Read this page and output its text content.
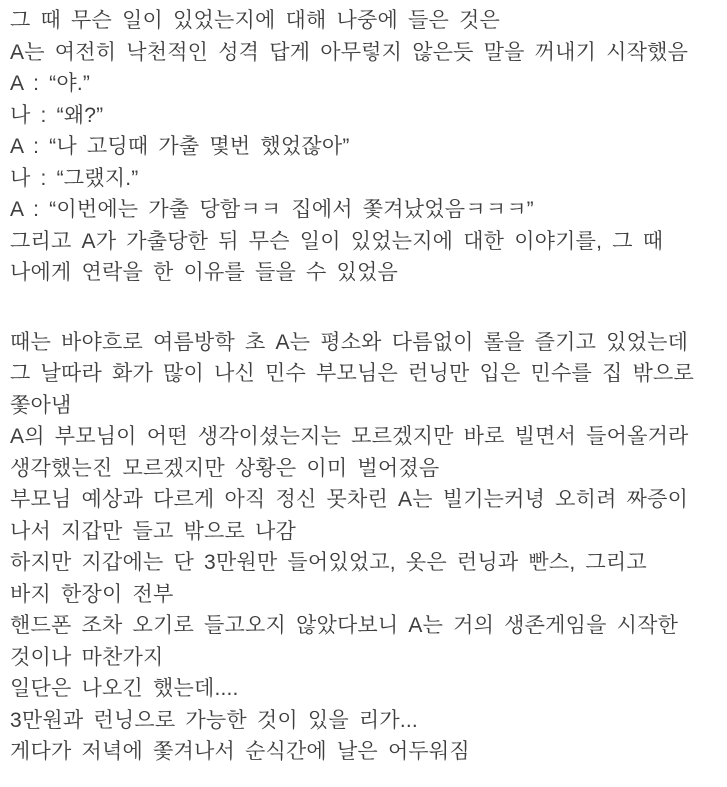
그 때 무슨 일이 있었는지에 대해 나중에 들은 것은
A는 여전히 낙천적인 성격 답게 아무렇지 않은듯 말을 꺼내기 시작했음
A : “야.”
나 : “왜?”
A : “나 고딩때 가출 몇번 했었잖아”
나 : “그랬지.”
A : “이번에는 가출 당함ㅋㅋ 집에서 쫓겨났었음ㅋㅋㅋ”
그리고 A가 가출당한 뒤 무슨 일이 있었는지에 대한 이야기를, 그 때
나에게 연락을 한 이유를 들을 수 있었음
때는 바야흐로 여름방학 초 A는 평소와 다름없이 롤을 즐기고 있었는데
그 날따라 화가 많이 나신 민수 부모님은 런닝만 입은 민수를 집 밖으로
쫓아냄
A의 부모님이 어떤 생각이셨는지는 모르겠지만 바로 빌면서 들어올거라
생각했는진 모르겠지만 상황은 이미 벌어졌음
부모님 예상과 다르게 아직 정신 못차린 A는 빌기는커녕 오히려 짜증이
나서 지갑만 들고 밖으로 나감
하지만 지갑에는 단 3만원만 들어있었고, 옷은 런닝과 빤스, 그리고
바지 한장이 전부
핸드폰 조차 오기로 들고오지 않았다보니 A는 거의 생존게임을 시작한
것이나 마찬가지
일단은 나오긴 했는데....
3만원과 런닝으로 가능한 것이 있을 리가...
게다가 저녁에 쫓겨나서 순식간에 날은 어두워짐
